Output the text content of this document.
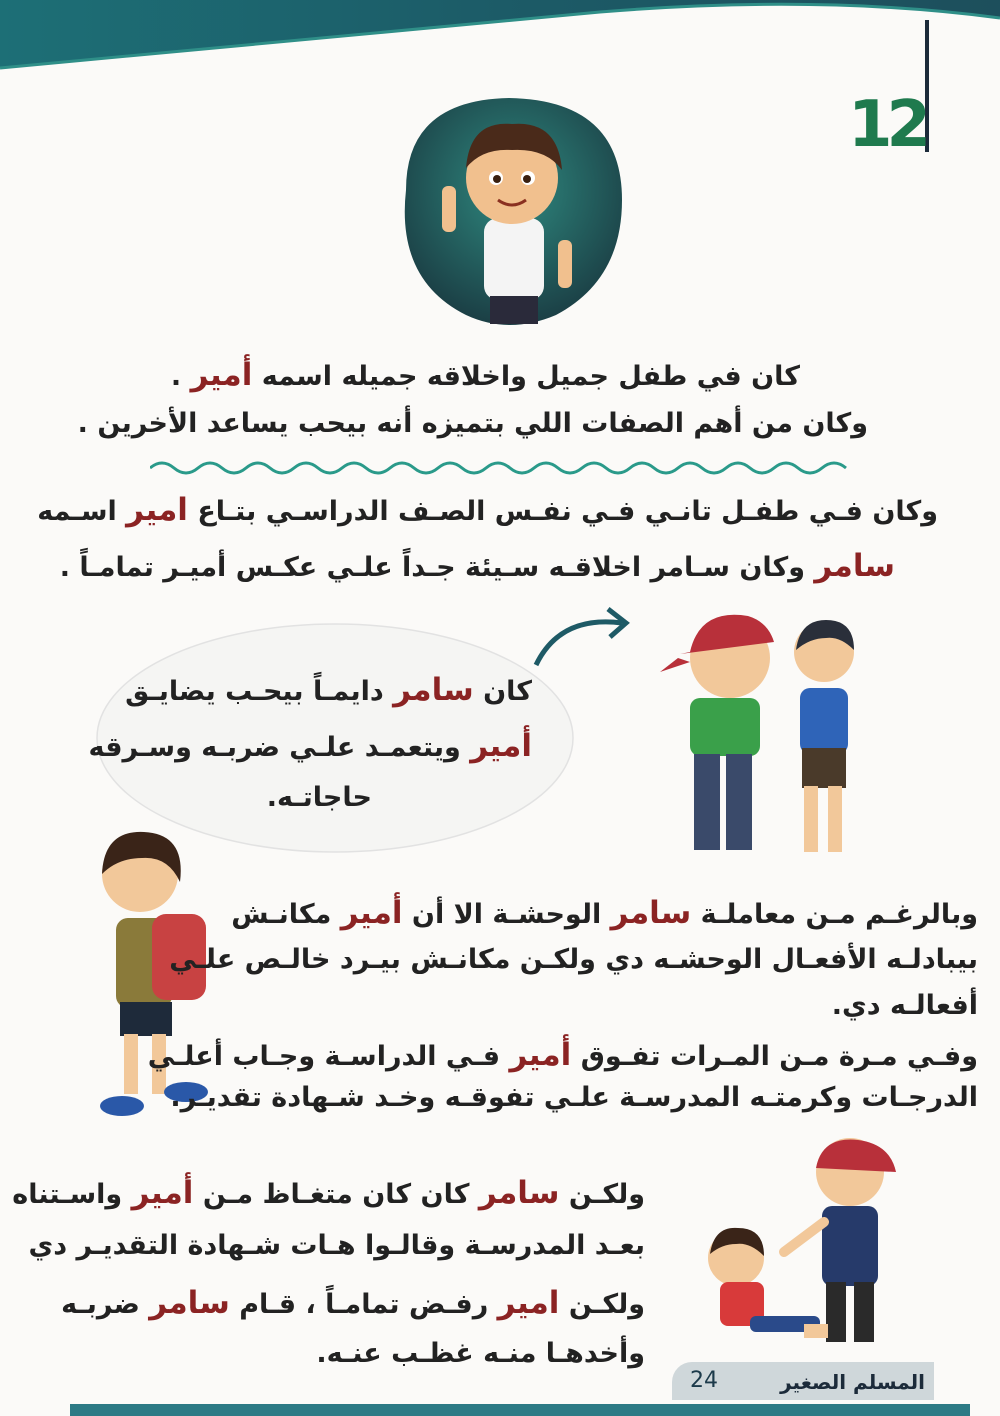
12
كان في طفل جميل واخلاقه جميله اسمه أمير .
وكان من أهم الصفات اللي بتميزه أنه بيحب يساعد الأخرين .
وكان فـي طفـل تانـي فـي نفـس الصـف الدراسـي بتـاع امير اسـمه
سامر وكان سـامر اخلاقـه سـيئة جـداً علـي عكـس أميـر تمامـاً .
كان سامر دايمـاً بيحـب يضايـق
أمير ويتعمـد علـي ضربـه وسـرقه
حاجاتـه.
وبالرغـم مـن معاملـة سامر الوحشـة الا أن أمير مكانـش
بيبادلـه الأفعـال الوحشـه دي ولكـن مكانـش بيـرد خالـص علـي
أفعالـه دي.
وفـي مـرة مـن المـرات تفـوق أمير فـي الدراسـة وجـاب أعلـي
الدرجـات وكرمتـه المدرسـة علـي تفوقـه وخـد شـهادة تقديـر.
ولكـن سامر كان كان متغـاظ مـن أمير واسـتناه
بعـد المدرسـة وقالـوا هـات شـهادة التقديـر دي
ولكـن امير رفـض تمامـاً ، قـام سامر ضربـه
وأخدهـا منـه غظـب عنـه.
المسلم الصغير
24
